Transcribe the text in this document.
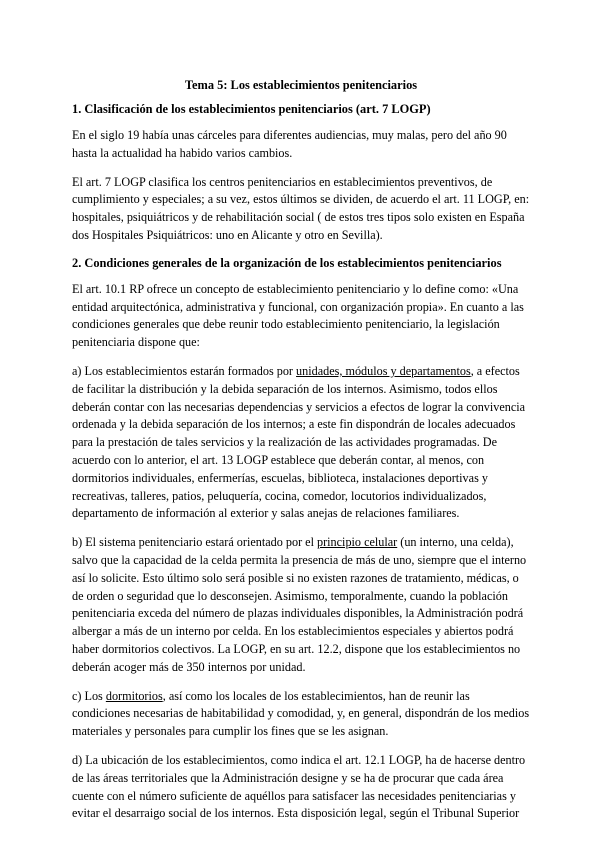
Tema 5: Los establecimientos penitenciarios
1. Clasificación de los establecimientos penitenciarios (art. 7 LOGP)

En el siglo 19 había unas cárceles para diferentes audiencias, muy malas, pero del año 90 hasta la actualidad ha habido varios cambios.

El art. 7 LOGP clasifica los centros penitenciarios en establecimientos preventivos, de cumplimiento y especiales; a su vez, estos últimos se dividen, de acuerdo el art. 11 LOGP, en: hospitales, psiquiátricos y de rehabilitación social ( de estos tres tipos solo existen en España dos Hospitales Psiquiátricos: uno en Alicante y otro en Sevilla).

2. Condiciones generales de la organización de los establecimientos penitenciarios

El art. 10.1 RP ofrece un concepto de establecimiento penitenciario y lo define como: «Una entidad arquitectónica, administrativa y funcional, con organización propia». En cuanto a las condiciones generales que debe reunir todo establecimiento penitenciario, la legislación penitenciaria dispone que:

a) Los establecimientos estarán formados por unidades, módulos y departamentos, a efectos de facilitar la distribución y la debida separación de los internos. Asimismo, todos ellos deberán contar con las necesarias dependencias y servicios a efectos de lograr la convivencia ordenada y la debida separación de los internos; a este fin dispondrán de locales adecuados para la prestación de tales servicios y la realización de las actividades programadas. De acuerdo con lo anterior, el art. 13 LOGP establece que deberán contar, al menos, con dormitorios individuales, enfermerías, escuelas, biblioteca, instalaciones deportivas y recreativas, talleres, patios, peluquería, cocina, comedor, locutorios individualizados, departamento de información al exterior y salas anejas de relaciones familiares.

b) El sistema penitenciario estará orientado por el principio celular (un interno, una celda), salvo que la capacidad de la celda permita la presencia de más de uno, siempre que el interno así lo solicite. Esto último solo será posible si no existen razones de tratamiento, médicas, o de orden o seguridad que lo desconsejen. Asimismo, temporalmente, cuando la población penitenciaria exceda del número de plazas individuales disponibles, la Administración podrá albergar a más de un interno por celda. En los establecimientos especiales y abiertos podrá haber dormitorios colectivos. La LOGP, en su art. 12.2, dispone que los establecimientos no deberán acoger más de 350 internos por unidad.

c) Los dormitorios, así como los locales de los establecimientos, han de reunir las condiciones necesarias de habitabilidad y comodidad, y, en general, dispondrán de los medios materiales y personales para cumplir los fines que se les asignan.

d) La ubicación de los establecimientos, como indica el art. 12.1 LOGP, ha de hacerse dentro de las áreas territoriales que la Administración designe y se ha de procurar que cada área cuente con el número suficiente de aquéllos para satisfacer las necesidades penitenciarias y evitar el desarraigo social de los internos. Esta disposición legal, según el Tribunal Superior
